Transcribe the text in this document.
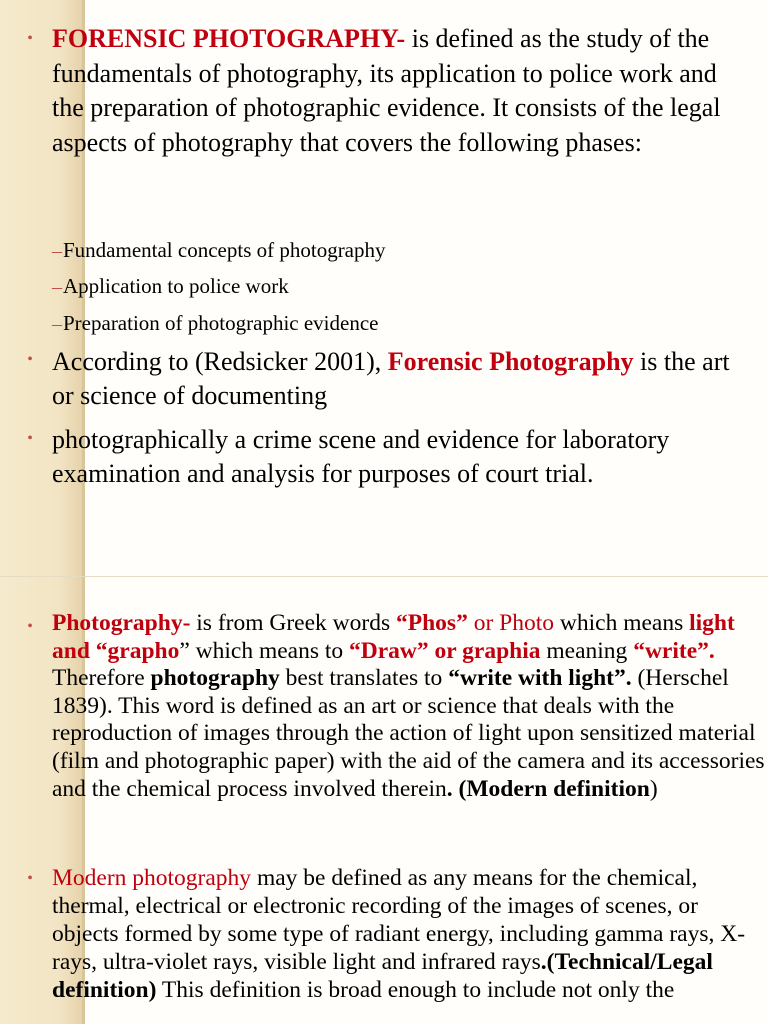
• FORENSIC PHOTOGRAPHY- is defined as the study of the fundamentals of photography, its application to police work and the preparation of photographic evidence. It consists of the legal aspects of photography that covers the following phases:
–Fundamental concepts of photography
–Application to police work
–Preparation of photographic evidence
• According to (Redsicker 2001), Forensic Photography is the art or science of documenting
• photographically a crime scene and evidence for laboratory examination and analysis for purposes of court trial.
• Photography- is from Greek words “Phos” or Photo which means light and “grapho” which means to “Draw” or graphia meaning “write”. Therefore photography best translates to “write with light”. (Herschel 1839). This word is defined as an art or science that deals with the reproduction of images through the action of light upon sensitized material (film and photographic paper) with the aid of the camera and its accessories and the chemical process involved therein. (Modern definition)
• Modern photography may be defined as any means for the chemical, thermal, electrical or electronic recording of the images of scenes, or objects formed by some type of radiant energy, including gamma rays, X-rays, ultra-violet rays, visible light and infrared rays.(Technical/Legal definition) This definition is broad enough to include not only the
